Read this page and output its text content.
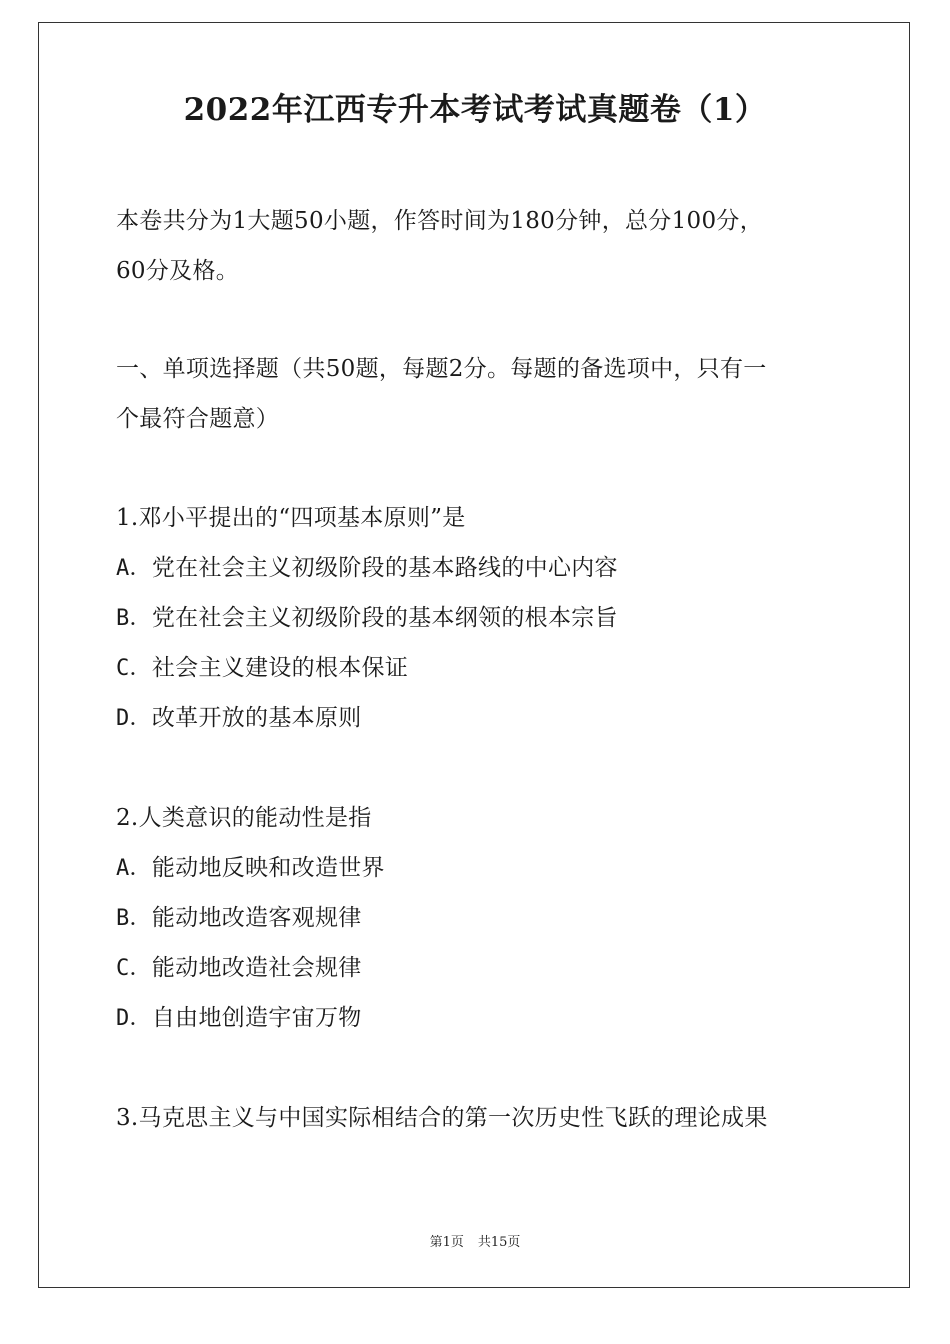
2022年江西专升本考试考试真题卷（1）
本卷共分为1大题50小题，作答时间为180分钟，总分100分，
60分及格。
一、单项选择题（共50题，每题2分。每题的备选项中，只有一
个最符合题意）
1.邓小平提出的“四项基本原则”是
A．党在社会主义初级阶段的基本路线的中心内容
B．党在社会主义初级阶段的基本纲领的根本宗旨
C．社会主义建设的根本保证
D．改革开放的基本原则
2.人类意识的能动性是指
A．能动地反映和改造世界
B．能动地改造客观规律
C．能动地改造社会规律
D．自由地创造宇宙万物
3.马克思主义与中国实际相结合的第一次历史性飞跃的理论成果
第1页 共15页
